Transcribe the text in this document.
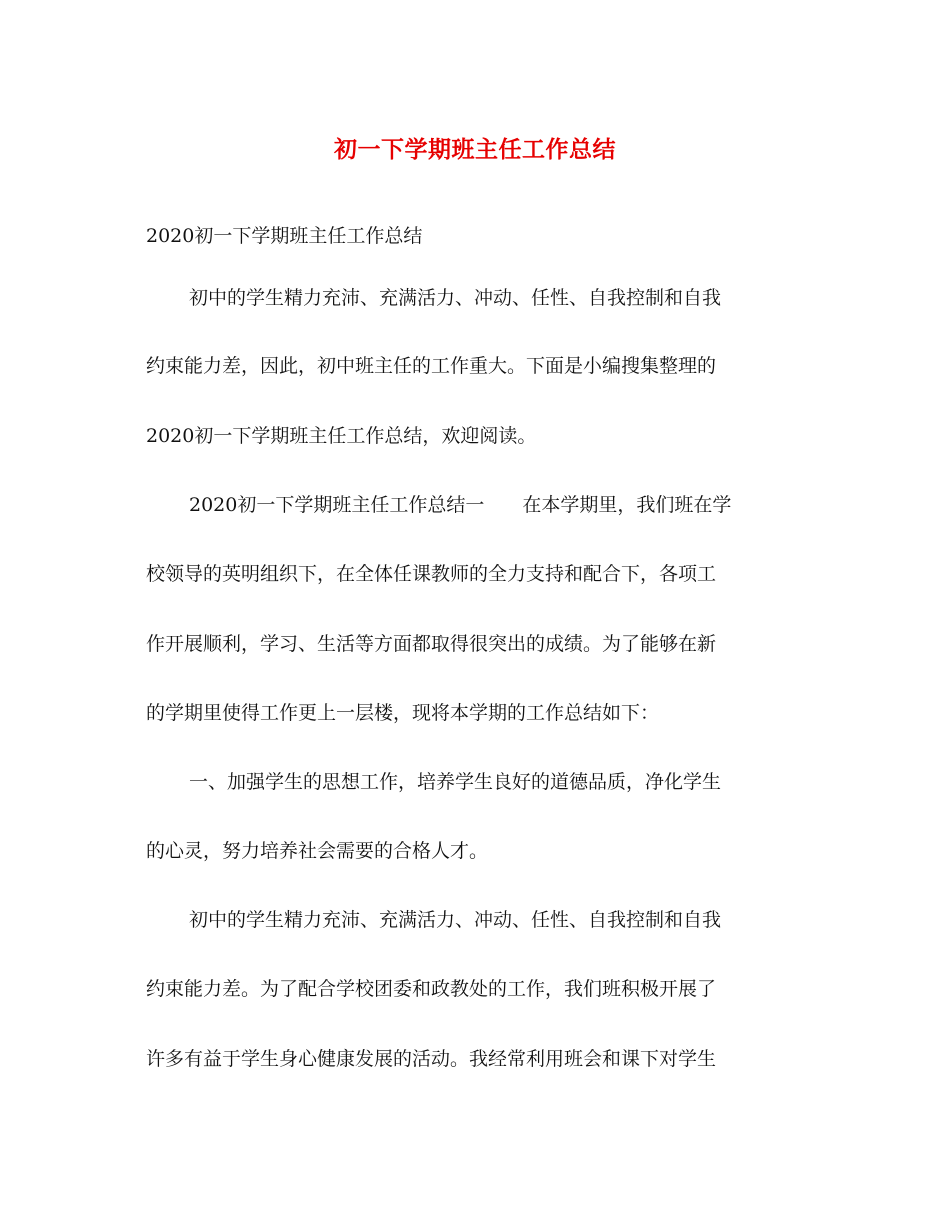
初一下学期班主任工作总结

2020初一下学期班主任工作总结

初中的学生精力充沛、充满活力、冲动、任性、自我控制和自我

约束能力差，因此，初中班主任的工作重大。下面是小编搜集整理的

2020初一下学期班主任工作总结，欢迎阅读。

2020初一下学期班主任工作总结一　　在本学期里，我们班在学

校领导的英明组织下，在全体任课教师的全力支持和配合下，各项工

作开展顺利，学习、生活等方面都取得很突出的成绩。为了能够在新

的学期里使得工作更上一层楼，现将本学期的工作总结如下：

一、加强学生的思想工作，培养学生良好的道德品质，净化学生

的心灵，努力培养社会需要的合格人才。

初中的学生精力充沛、充满活力、冲动、任性、自我控制和自我

约束能力差。为了配合学校团委和政教处的工作，我们班积极开展了

许多有益于学生身心健康发展的活动。我经常利用班会和课下对学生
